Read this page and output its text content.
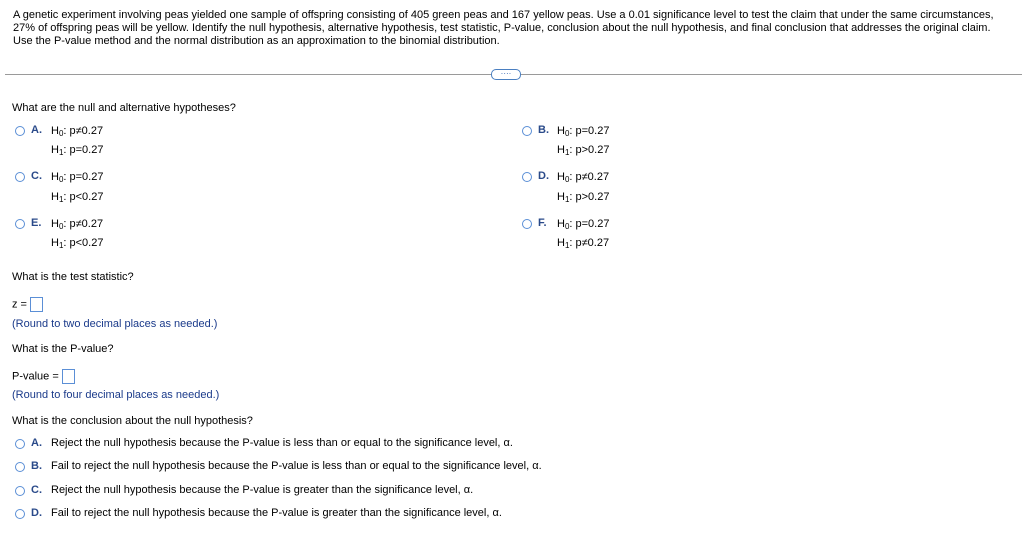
A genetic experiment involving peas yielded one sample of offspring consisting of 405 green peas and 167 yellow peas. Use a 0.01 significance level to test the claim that under the same circumstances, 27% of offspring peas will be yellow. Identify the null hypothesis, alternative hypothesis, test statistic, P-value, conclusion about the null hypothesis, and final conclusion that addresses the original claim. Use the P-value method and the normal distribution as an approximation to the binomial distribution.
····
What are the null and alternative hypotheses?
A. $H_0$: p≠0.27
$H_1$: p=0.27
B. $H_0$: p=0.27
$H_1$: p>0.27
C. $H_0$: p=0.27
$H_1$: p<0.27
D. $H_0$: p≠0.27
$H_1$: p>0.27
E. $H_0$: p≠0.27
$H_1$: p<0.27
F. $H_0$: p=0.27
$H_1$: p≠0.27
What is the test statistic?
z =
(Round to two decimal places as needed.)
What is the P-value?
P-value =
(Round to four decimal places as needed.)
What is the conclusion about the null hypothesis?
A. Reject the null hypothesis because the P-value is less than or equal to the significance level, α.
B. Fail to reject the null hypothesis because the P-value is less than or equal to the significance level, α.
C. Reject the null hypothesis because the P-value is greater than the significance level, α.
D. Fail to reject the null hypothesis because the P-value is greater than the significance level, α.
